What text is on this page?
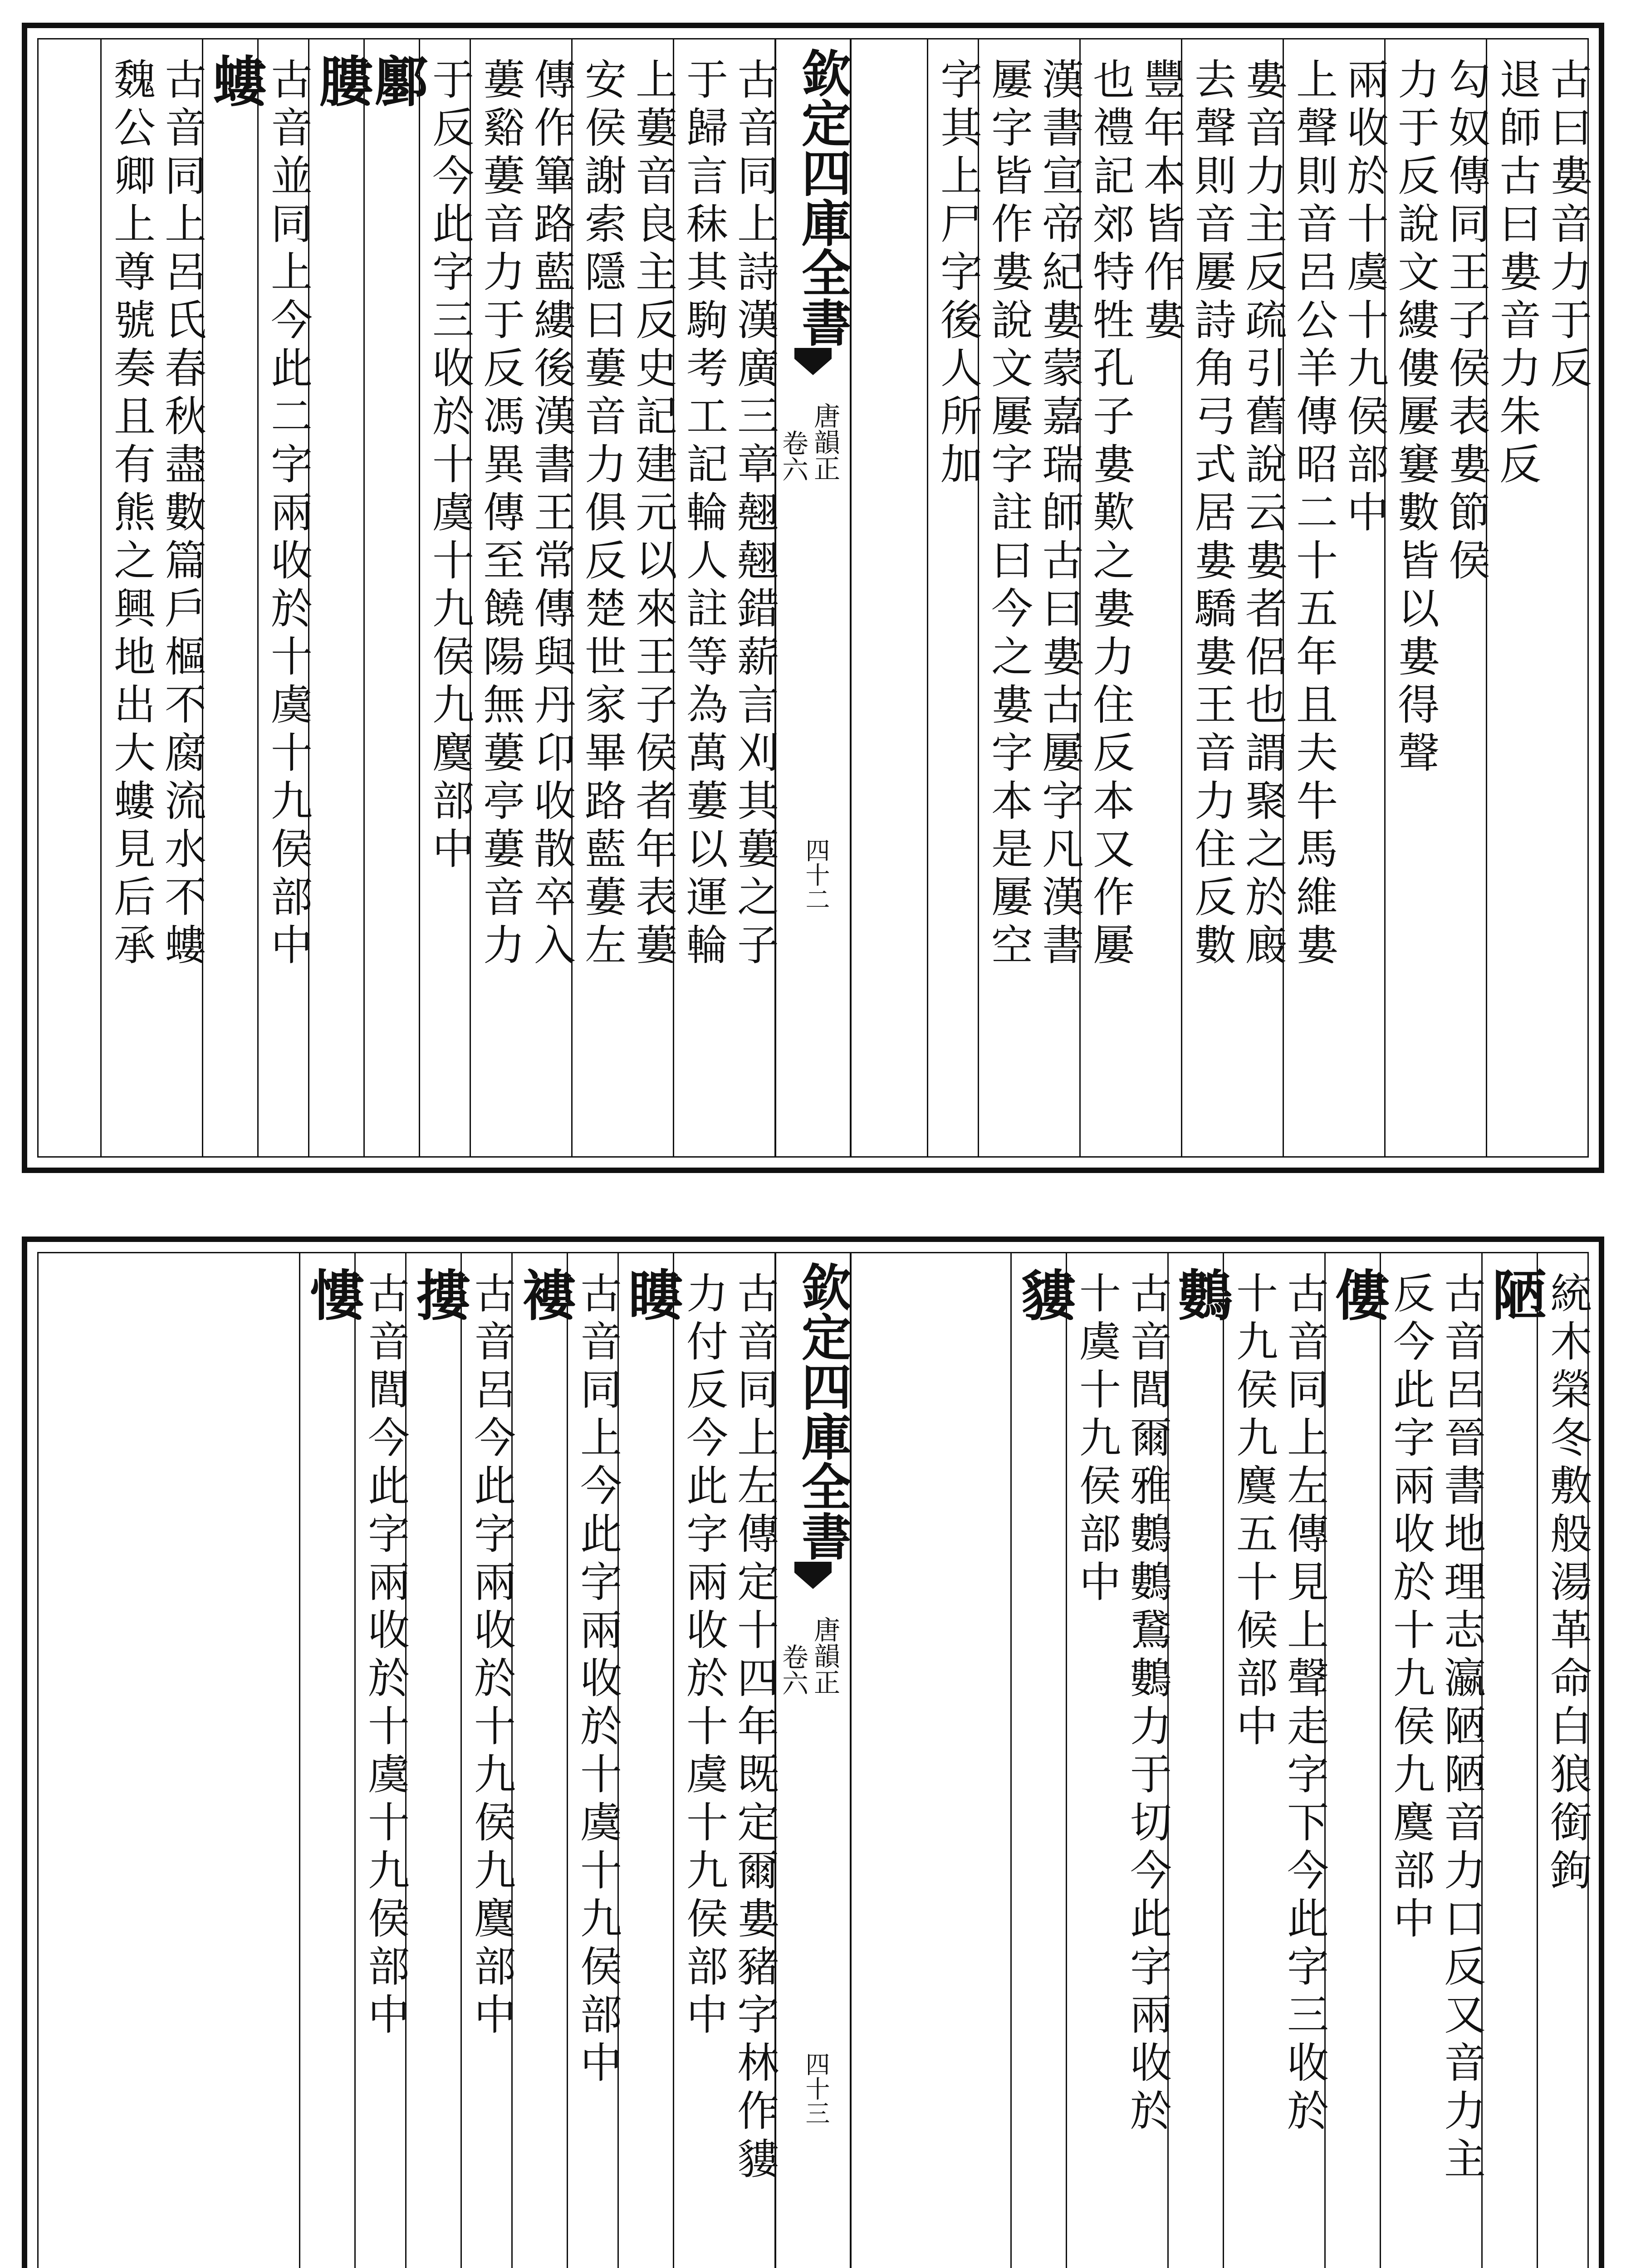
欽定四庫全書
唐韻正
卷六
四十二
古曰婁音力于反
退師古曰婁音力朱反
勾奴傳同王子侯表婁節侯
力于反說文縷僂屢窶數皆以婁得聲
兩收於十虞十九侯部中
上聲則音呂公羊傳昭二十五年且夫牛馬維婁
婁音力主反疏引舊說云婁者侶也謂聚之於廄
去聲則音屢詩角弓式居婁驕婁王音力住反數
豐年本皆作婁
也禮記郊特牲孔子婁歎之婁力住反本又作屢
漢書宣帝紀婁蒙嘉瑞師古曰婁古屢字凡漢書
屢字皆作婁說文屢字註曰今之婁字本是屢空
字其上尸字後人所加
古音同上詩漢廣三章翹翹錯薪言刈其蔞之子
于歸言秣其駒考工記輪人註等為萬蔞以運輪
上蔞音良主反史記建元以來王子侯者年表蔞
安侯謝索隱曰蔞音力俱反楚世家畢路藍蔞左
傳作篳路藍縷後漢書王常傳與丹卬收散卒入
蔞谿蔞音力于反馮異傳至饒陽無蔞亭蔞音力
于反今此字三收於十虞十九侯九麌部中
鄽
膢
古音並同上今此二字兩收於十虞十九侯部中
螻
古音同上呂氏春秋盡數篇戶樞不腐流水不螻
魏公卿上尊號奏且有熊之興地出大螻見后承
欽定四庫全書
唐韻正
卷六
四十三
統木榮冬敷般湯革命白狼銜鉤
陋
古音呂晉書地理志瀛陋陋音力口反又音力主
反今此字兩收於十九侯九麌部中
僂
古音同上左傳見上聲走字下今此字三收於
十九侯九麌五十候部中
鷜
古音閭爾雅鷜鷜鵞鷜力于切今此字兩收於
十虞十九侯部中
貗
古音同上左傳定十四年既定爾婁豬字林作貗
力付反今此字兩收於十虞十九侯部中
瞜
古音同上今此字兩收於十虞十九侯部中
褸
古音呂今此字兩收於十九侯九麌部中
摟
古音閭今此字兩收於十虞十九侯部中
慺
